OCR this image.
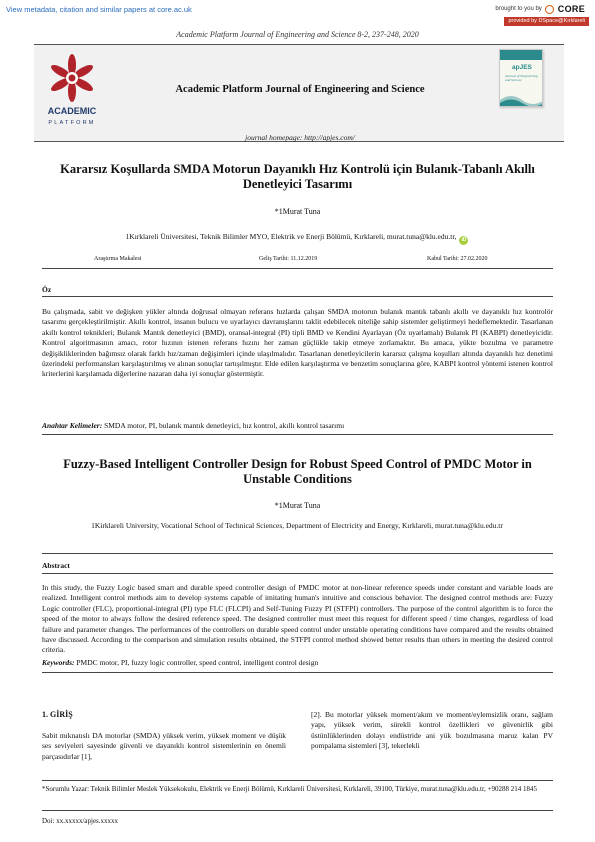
View metadata, citation and similar papers at core.ac.uk	brought to you by CORE
provided by DSpace@Kırklareli
Academic Platform Journal of Engineering and Science 8-2, 237-248, 2020
ACADEMIC
PLATFORM
Academic Platform Journal of Engineering and Science
journal homepage: http://apjes.com/
apJES
Journal of Engineering and Science
Kararsız Koşullarda SMDA Motorun Dayanıklı Hız Kontrolü için Bulanık-Tabanlı Akıllı Denetleyici Tasarımı
*1Murat Tuna
1Kırklareli Üniversitesi, Teknik Bilimler MYO, Elektrik ve Enerji Bölümü, Kırklareli, murat.tuna@klu.edu.tr, iD
Araştırma Makalesi	Geliş Tarihi: 11.12.2019	Kabul Tarihi: 27.02.2020
Öz
Bu çalışmada, sabit ve değişken yükler altında doğrusal olmayan referans hızlarda çalışan SMDA motorun bulanık mantık tabanlı akıllı ve dayanıklı hız kontrolör tasarımı gerçekleştirilmiştir. Akıllı kontrol, insanın bulucu ve uyarlayıcı davranışlarını taklit edebilecek niteliğe sahip sistemler geliştirmeyi hedeflemektedir. Tasarlanan akıllı kontrol teknikleri; Bulanık Mantık denetleyici (BMD), oransal-integral (PI) tipli BMD ve Kendini Ayarlayan (Öz uyarlamalı) Bulanık PI (KABPI) denetleyicidir. Kontrol algoritmasının amacı, rotor hızının istenen referans hızını her zaman güçlükle takip etmeye zorlamaktır. Bu amaca, yükte bozulma ve parametre değişikliklerinden bağımsız olarak farklı hız/zaman değişimleri içinde ulaşılmalıdır. Tasarlanan denetleyicilerin kararsız çalışma koşulları altında dayanıklı hız denetimi üzerindeki performansları karşılaştırılmış ve alınan sonuçlar tartışılmıştır. Elde edilen karşılaştırma ve benzetim sonuçlarına göre, KABPI kontrol yöntemi istenen kontrol kriterlerini karşılamada diğerlerine nazaran daha iyi sonuçlar göstermiştir.
Anahtar Kelimeler: SMDA motor, PI, bulanık mantık denetleyici, hız kontrol, akıllı kontrol tasarımı
Fuzzy-Based Intelligent Controller Design for Robust Speed Control of PMDC Motor in Unstable Conditions
*1Murat Tuna
1Kirklareli University, Vocational School of Technical Sciences, Department of Electricity and Energy, Kırklareli, murat.tuna@klu.edu.tr
Abstract
In this study, the Fuzzy Logic based smart and durable speed controller design of PMDC motor at non-linear reference speeds under constant and variable loads are realized. Intelligent control methods aim to develop systems capable of imitating human's intuitive and conscious behavior. The designed control methods are: Fuzzy Logic controller (FLC), proportional-integral (PI) type FLC (FLCPI) and Self-Tuning Fuzzy PI (STFPI) controllers. The purpose of the control algorithm is to force the speed of the motor to always follow the desired reference speed. The designed controller must meet this request for different speed / time changes, regardless of load failure and parameter changes. The performances of the controllers on durable speed control under unstable operating conditions have compared and the results obtained have discussed. According to the comparison and simulation results obtained, the STFPI control method showed better results than others in meeting the desired control criteria.
Keywords: PMDC motor, PI, fuzzy logic controller, speed control, intelligent control design
1. GİRİŞ
Sabit mıknatıslı DA motorlar (SMDA) yüksek verim, yüksek moment ve düşük ses seviyeleri sayesinde güvenli ve dayanıklı kontrol sistemlerinin en önemli parçasıdırlar [1],
[2]. Bu motorlar yüksek moment/akım ve moment/eylemsizlik oranı, sağlam yapı, yüksek verim, sürekli kontrol özellikleri ve güvenirlik gibi üstünlüklerinden dolayı endüstride ani yük bozulmasına maruz kalan PV pompalama sistemleri [3], tekerlekli
*Sorumlu Yazar: Teknik Bilimler Meslek Yüksekokulu, Elektrik ve Enerji Bölümü, Kırklareli Üniversitesi, Kırklareli, 39100, Türkiye, murat.tuna@klu.edu.tr, +90288 214 1845
Doi: xx.xxxxx/apjes.xxxxx
